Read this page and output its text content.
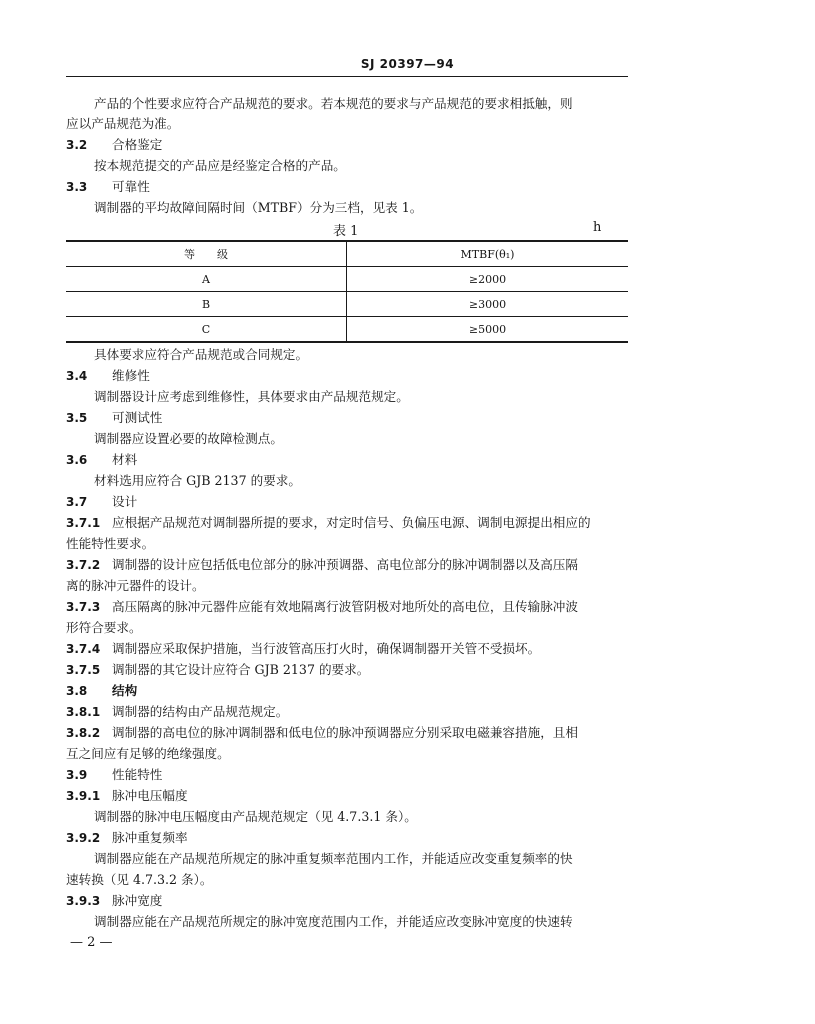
SJ 20397—94
产品的个性要求应符合产品规范的要求。若本规范的要求与产品规范的要求相抵触，则
应以产品规范为准。
3.2 合格鉴定
按本规范提交的产品应是经鉴定合格的产品。
3.3 可靠性
调制器的平均故障间隔时间（MTBF）分为三档，见表 1。
表 1	h
等　　级	MTBF(θ₁)
A	≥2000
B	≥3000
C	≥5000
具体要求应符合产品规范或合同规定。
3.4 维修性
调制器设计应考虑到维修性，具体要求由产品规范规定。
3.5 可测试性
调制器应设置必要的故障检测点。
3.6 材料
材料选用应符合 GJB 2137 的要求。
3.7 设计
3.7.1 应根据产品规范对调制器所提的要求，对定时信号、负偏压电源、调制电源提出相应的
性能特性要求。
3.7.2 调制器的设计应包括低电位部分的脉冲预调器、高电位部分的脉冲调制器以及高压隔
离的脉冲元器件的设计。
3.7.3 高压隔离的脉冲元器件应能有效地隔离行波管阴极对地所处的高电位，且传输脉冲波
形符合要求。
3.7.4 调制器应采取保护措施，当行波管高压打火时，确保调制器开关管不受损坏。
3.7.5 调制器的其它设计应符合 GJB 2137 的要求。
3.8 结构
3.8.1 调制器的结构由产品规范规定。
3.8.2 调制器的高电位的脉冲调制器和低电位的脉冲预调器应分别采取电磁兼容措施，且相
互之间应有足够的绝缘强度。
3.9 性能特性
3.9.1 脉冲电压幅度
调制器的脉冲电压幅度由产品规范规定（见 4.7.3.1 条）。
3.9.2 脉冲重复频率
调制器应能在产品规范所规定的脉冲重复频率范围内工作，并能适应改变重复频率的快
速转换（见 4.7.3.2 条）。
3.9.3 脉冲宽度
调制器应能在产品规范所规定的脉冲宽度范围内工作，并能适应改变脉冲宽度的快速转
— 2 —
